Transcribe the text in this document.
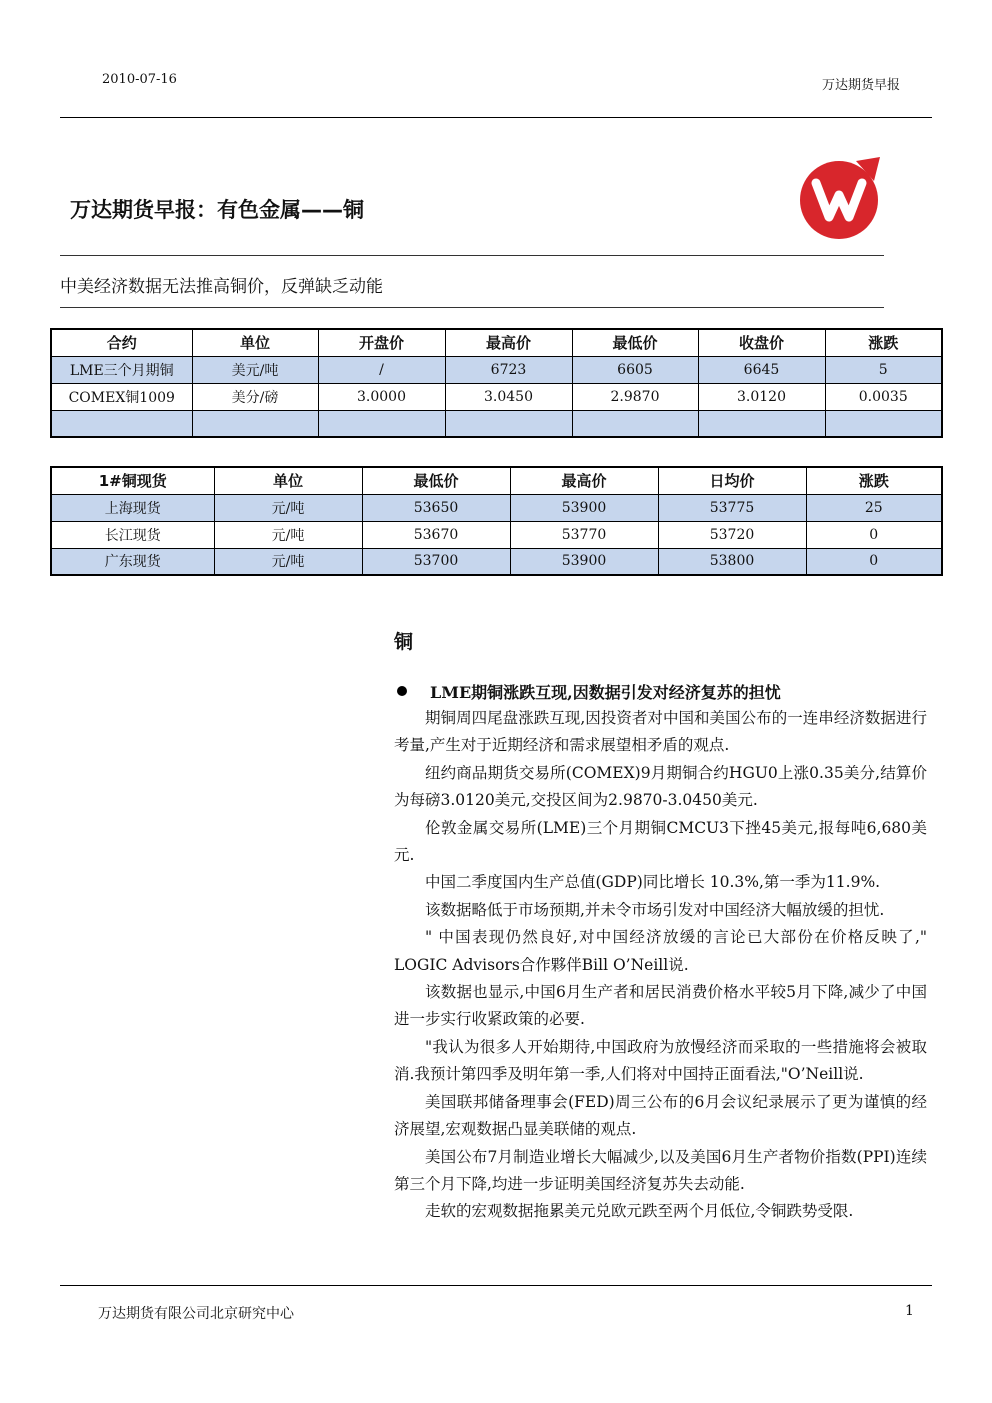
2010-07-16	万达期货早报
万达期货早报：有色金属——铜
中美经济数据无法推高铜价，反弹缺乏动能
合约	单位	开盘价	最高价	最低价	收盘价	涨跌
LME三个月期铜	美元/吨	/	6723	6605	6645	5
COMEX铜1009	美分/磅	3.0000	3.0450	2.9870	3.0120	0.0035

1#铜现货	单位	最低价	最高价	日均价	涨跌
上海现货	元/吨	53650	53900	53775	25
长江现货	元/吨	53670	53770	53720	0
广东现货	元/吨	53700	53900	53800	0
铜
LME期铜涨跌互现,因数据引发对经济复苏的担忧

期铜周四尾盘涨跌互现,因投资者对中国和美国公布的一连串经济数据进行考量,产生对于近期经济和需求展望相矛盾的观点.

纽约商品期货交易所(COMEX)9月期铜合约HGU0上涨0.35美分,结算价为每磅3.0120美元,交投区间为2.9870-3.0450美元.

伦敦金属交易所(LME)三个月期铜CMCU3下挫45美元,报每吨6,680美元.

中国二季度国内生产总值(GDP)同比增长 10.3%,第一季为11.9%.

该数据略低于市场预期,并未令市场引发对中国经济大幅放缓的担忧.

" 中国表现仍然良好,对中国经济放缓的言论已大部份在价格反映了," LOGIC Advisors合作夥伴Bill O’Neill说.

该数据也显示,中国6月生产者和居民消费价格水平较5月下降,减少了中国进一步实行收紧政策的必要.

"我认为很多人开始期待,中国政府为放慢经济而采取的一些措施将会被取消.我预计第四季及明年第一季,人们将对中国持正面看法,"O’Neill说.

美国联邦储备理事会(FED)周三公布的6月会议纪录展示了更为谨慎的经济展望,宏观数据凸显美联储的观点.

美国公布7月制造业增长大幅减少,以及美国6月生产者物价指数(PPI)连续第三个月下降,均进一步证明美国经济复苏失去动能.

走软的宏观数据拖累美元兑欧元跌至两个月低位,令铜跌势受限.

万达期货有限公司北京研究中心	1
